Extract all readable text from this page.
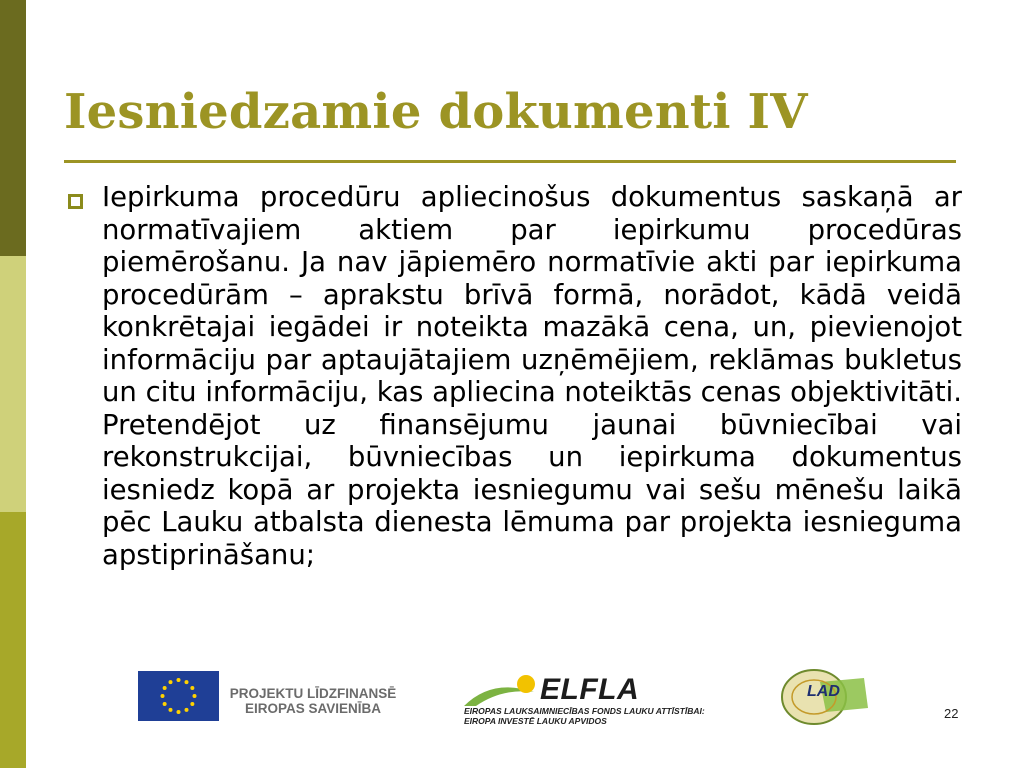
Iesniedzamie dokumenti IV

Iepirkuma procedūru apliecinošus dokumentus saskaņā ar normatīvajiem aktiem par iepirkumu procedūras piemērošanu. Ja nav jāpiemēro normatīvie akti par iepirkuma procedūrām – aprakstu brīvā formā, norādot, kādā veidā konkrētajai iegādei ir noteikta mazākā cena, un, pievienojot informāciju par aptaujātajiem uzņēmējiem, reklāmas bukletus un citu informāciju, kas apliecina noteiktās cenas objektivitāti. Pretendējot uz finansējumu jaunai būvniecībai vai rekonstrukcijai, būvniecības un iepirkuma dokumentus iesniedz kopā ar projekta iesniegumu vai sešu mēnešu laikā pēc Lauku atbalsta dienesta lēmuma par projekta iesnieguma apstiprināšanu;

PROJEKTU LĪDZFINANSĒ
EIROPAS SAVIENĪBA
ELFLA
EIROPAS LAUKSAIMNIECĪBAS FONDS LAUKU ATTĪSTĪBAI:
EIROPA INVESTĒ LAUKU APVIDOS
LAD
22
